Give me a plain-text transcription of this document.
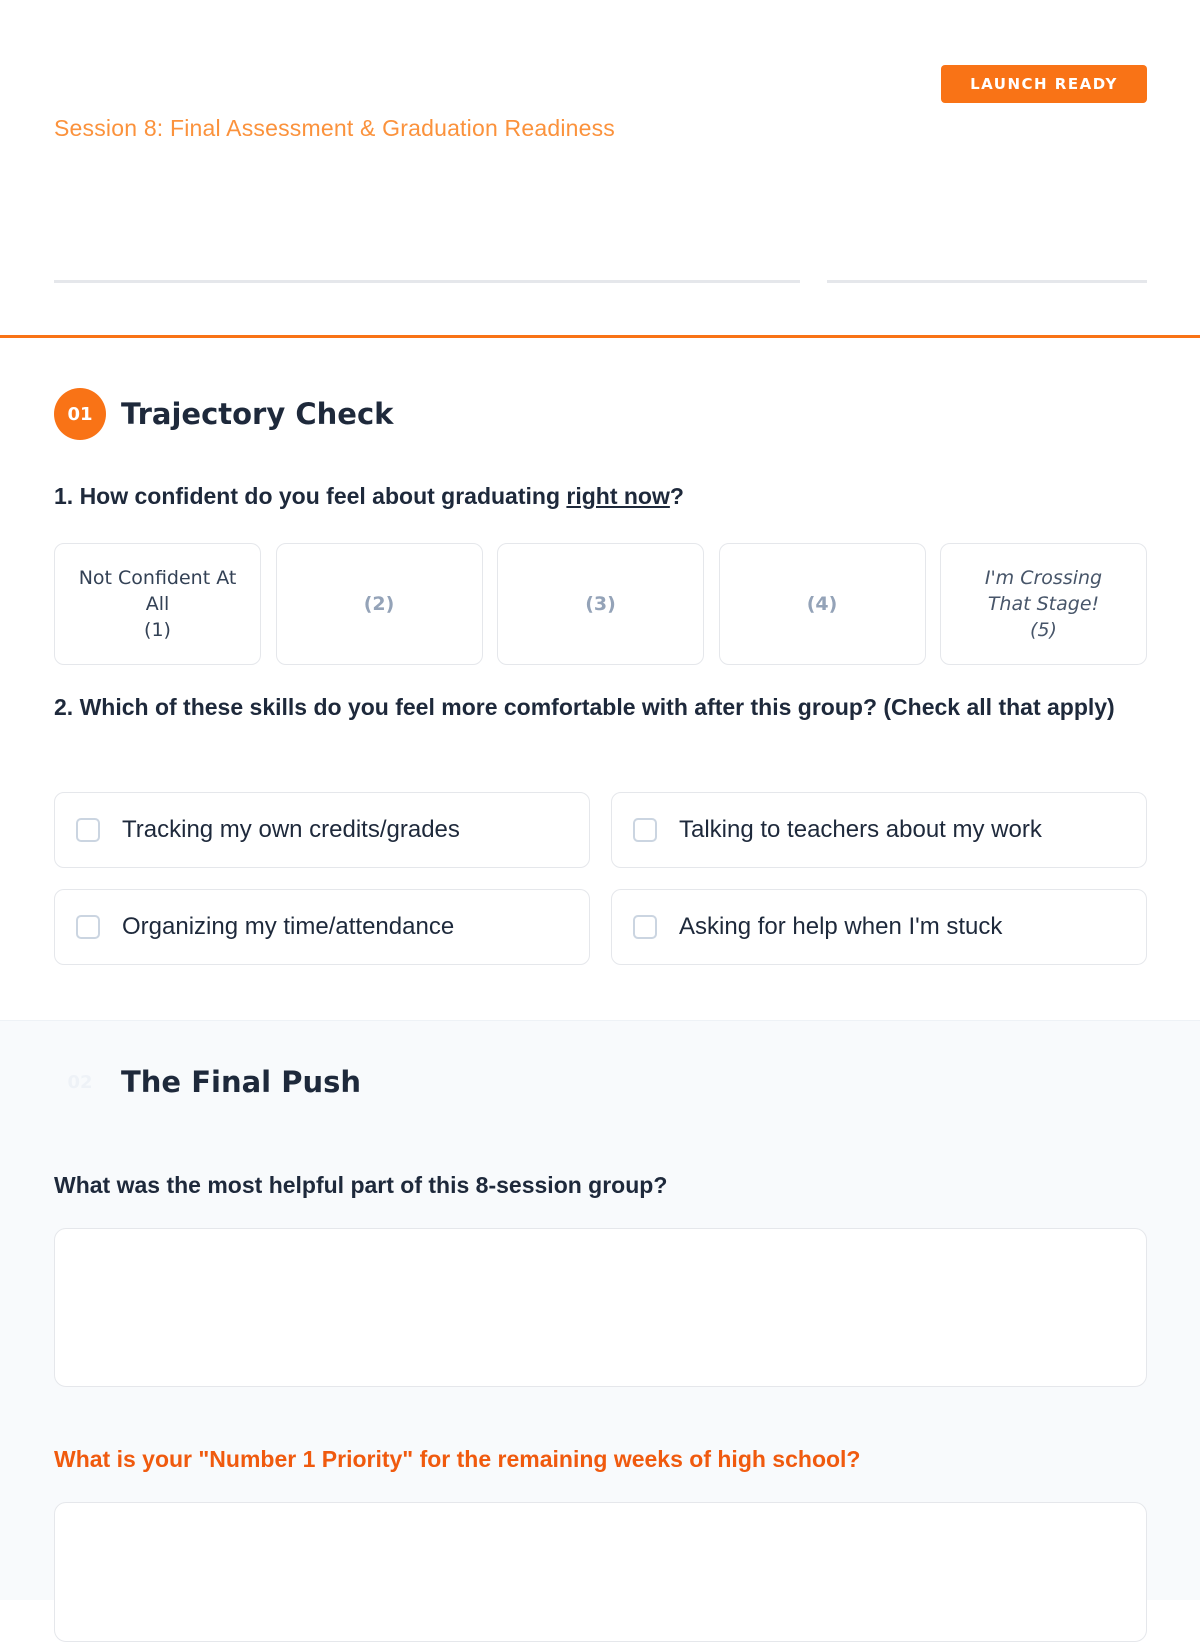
LAUNCH READY
Session 8: Final Assessment & Graduation Readiness
01 Trajectory Check
1. How confident do you feel about graduating right now?
Not Confident At
All
(1)
(2)	(3)	(4)
I'm Crossing
That Stage!
(5)
2. Which of these skills do you feel more comfortable with after this group? (Check all that apply)
Tracking my own credits/grades	Talking to teachers about my work
Organizing my time/attendance	Asking for help when I'm stuck
02 The Final Push
What was the most helpful part of this 8-session group?
What is your "Number 1 Priority" for the remaining weeks of high school?
